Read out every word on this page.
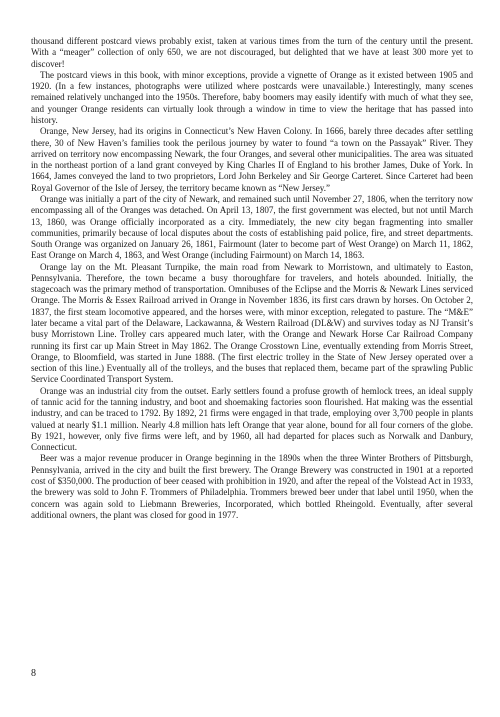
thousand different postcard views probably exist, taken at various times from the turn of the century until the present. With a “meager” collection of only 650, we are not discouraged, but delighted that we have at least 300 more yet to discover!

The postcard views in this book, with minor exceptions, provide a vignette of Orange as it existed between 1905 and 1920. (In a few instances, photographs were utilized where postcards were unavailable.) Interestingly, many scenes remained relatively unchanged into the 1950s. Therefore, baby boomers may easily identify with much of what they see, and younger Orange residents can virtually look through a window in time to view the heritage that has passed into history.

Orange, New Jersey, had its origins in Connecticut’s New Haven Colony. In 1666, barely three decades after settling there, 30 of New Haven’s families took the perilous journey by water to found “a town on the Passayak” River. They arrived on territory now encompassing Newark, the four Oranges, and several other municipalities. The area was situated in the northeast portion of a land grant conveyed by King Charles II of England to his brother James, Duke of York. In 1664, James conveyed the land to two proprietors, Lord John Berkeley and Sir George Carteret. Since Carteret had been Royal Governor of the Isle of Jersey, the territory became known as “New Jersey.”

Orange was initially a part of the city of Newark, and remained such until November 27, 1806, when the territory now encompassing all of the Oranges was detached. On April 13, 1807, the first government was elected, but not until March 13, 1860, was Orange officially incorporated as a city. Immediately, the new city began fragmenting into smaller communities, primarily because of local disputes about the costs of establishing paid police, fire, and street departments. South Orange was organized on January 26, 1861, Fairmount (later to become part of West Orange) on March 11, 1862, East Orange on March 4, 1863, and West Orange (including Fairmount) on March 14, 1863.

Orange lay on the Mt. Pleasant Turnpike, the main road from Newark to Morristown, and ultimately to Easton, Pennsylvania. Therefore, the town became a busy thoroughfare for travelers, and hotels abounded. Initially, the stagecoach was the primary method of transportation. Omnibuses of the Eclipse and the Morris & Newark Lines serviced Orange. The Morris & Essex Railroad arrived in Orange in November 1836, its first cars drawn by horses. On October 2, 1837, the first steam locomotive appeared, and the horses were, with minor exception, relegated to pasture. The “M&E” later became a vital part of the Delaware, Lackawanna, & Western Railroad (DL&W) and survives today as NJ Transit’s busy Morristown Line. Trolley cars appeared much later, with the Orange and Newark Horse Car Railroad Company running its first car up Main Street in May 1862. The Orange Crosstown Line, eventually extending from Morris Street, Orange, to Bloomfield, was started in June 1888. (The first electric trolley in the State of New Jersey operated over a section of this line.) Eventually all of the trolleys, and the buses that replaced them, became part of the sprawling Public Service Coordinated Transport System.

Orange was an industrial city from the outset. Early settlers found a profuse growth of hemlock trees, an ideal supply of tannic acid for the tanning industry, and boot and shoemaking factories soon flourished. Hat making was the essential industry, and can be traced to 1792. By 1892, 21 firms were engaged in that trade, employing over 3,700 people in plants valued at nearly $1.1 million. Nearly 4.8 million hats left Orange that year alone, bound for all four corners of the globe. By 1921, however, only five firms were left, and by 1960, all had departed for places such as Norwalk and Danbury, Connecticut.

Beer was a major revenue producer in Orange beginning in the 1890s when the three Winter Brothers of Pittsburgh, Pennsylvania, arrived in the city and built the first brewery. The Orange Brewery was constructed in 1901 at a reported cost of $350,000. The production of beer ceased with prohibition in 1920, and after the repeal of the Volstead Act in 1933, the brewery was sold to John F. Trommers of Philadelphia. Trommers brewed beer under that label until 1950, when the concern was again sold to Liebmann Breweries, Incorporated, which bottled Rheingold. Eventually, after several additional owners, the plant was closed for good in 1977.

8
